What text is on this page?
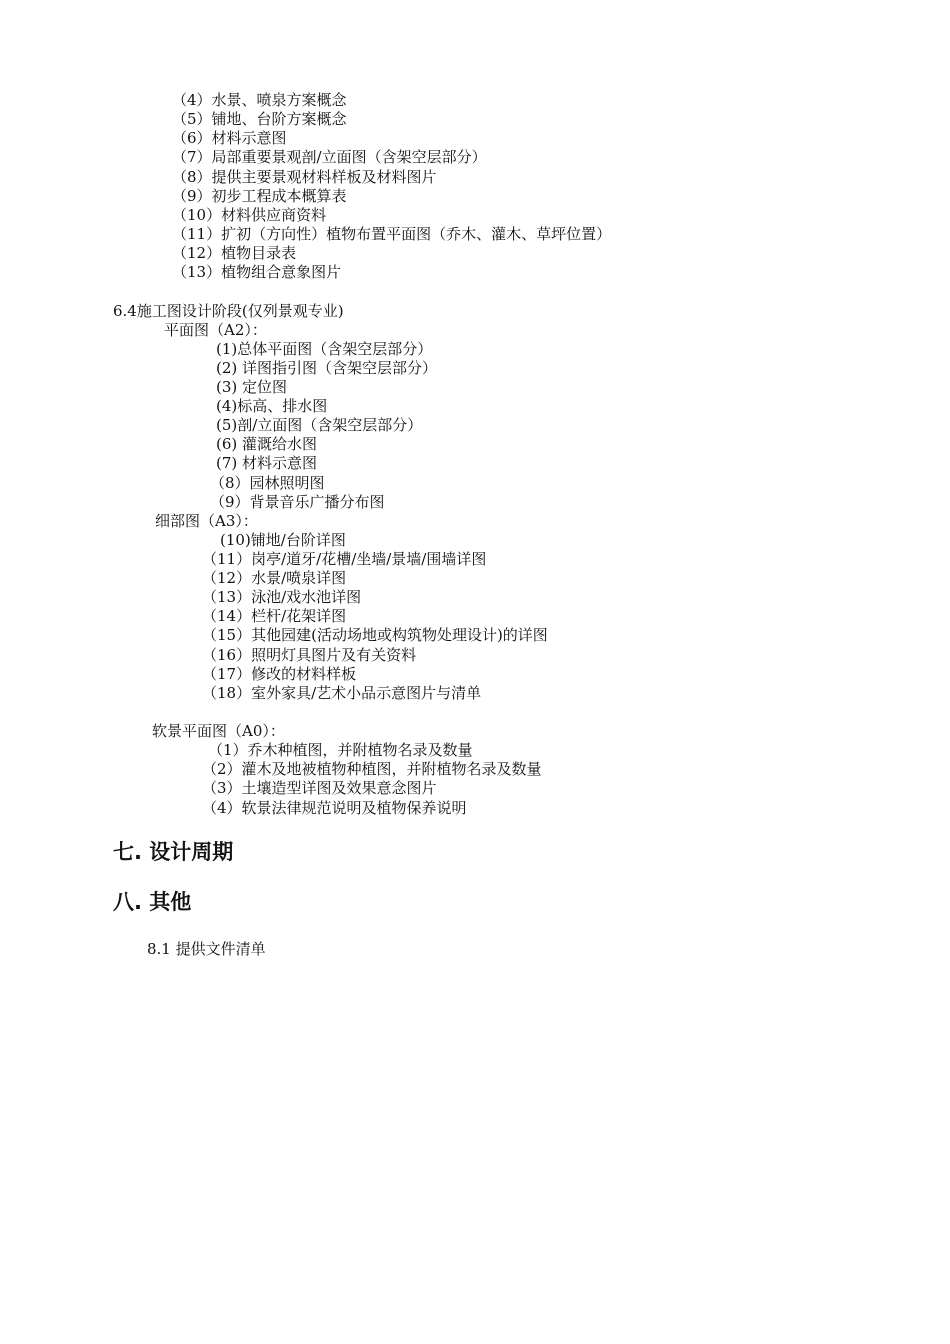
（4）水景、喷泉方案概念
（5）铺地、台阶方案概念
（6）材料示意图
（7）局部重要景观剖/立面图（含架空层部分）
（8）提供主要景观材料样板及材料图片
（9）初步工程成本概算表
（10）材料供应商资料
（11）扩初（方向性）植物布置平面图（乔木、灌木、草坪位置）
（12）植物目录表
（13）植物组合意象图片
6.4施工图设计阶段(仅列景观专业)
平面图（A2）：
(1)总体平面图（含架空层部分）
(2) 详图指引图（含架空层部分）
(3) 定位图
(4)标高、排水图
(5)剖/立面图（含架空层部分）
(6) 灌溉给水图
(7) 材料示意图
（8）园林照明图
（9）背景音乐广播分布图
细部图（A3）：
(10)铺地/台阶详图
（11）岗亭/道牙/花槽/坐墙/景墙/围墙详图
（12）水景/喷泉详图
（13）泳池/戏水池详图
（14）栏杆/花架详图
（15）其他园建(活动场地或构筑物处理设计)的详图
（16）照明灯具图片及有关资料
（17）修改的材料样板
（18）室外家具/艺术小品示意图片与清单
软景平面图（A0）：
（1）乔木种植图，并附植物名录及数量
（2）灌木及地被植物种植图，并附植物名录及数量
（3）土壤造型详图及效果意念图片
（4）软景法律规范说明及植物保养说明
七. 设计周期
八. 其他
8.1 提供文件清单
